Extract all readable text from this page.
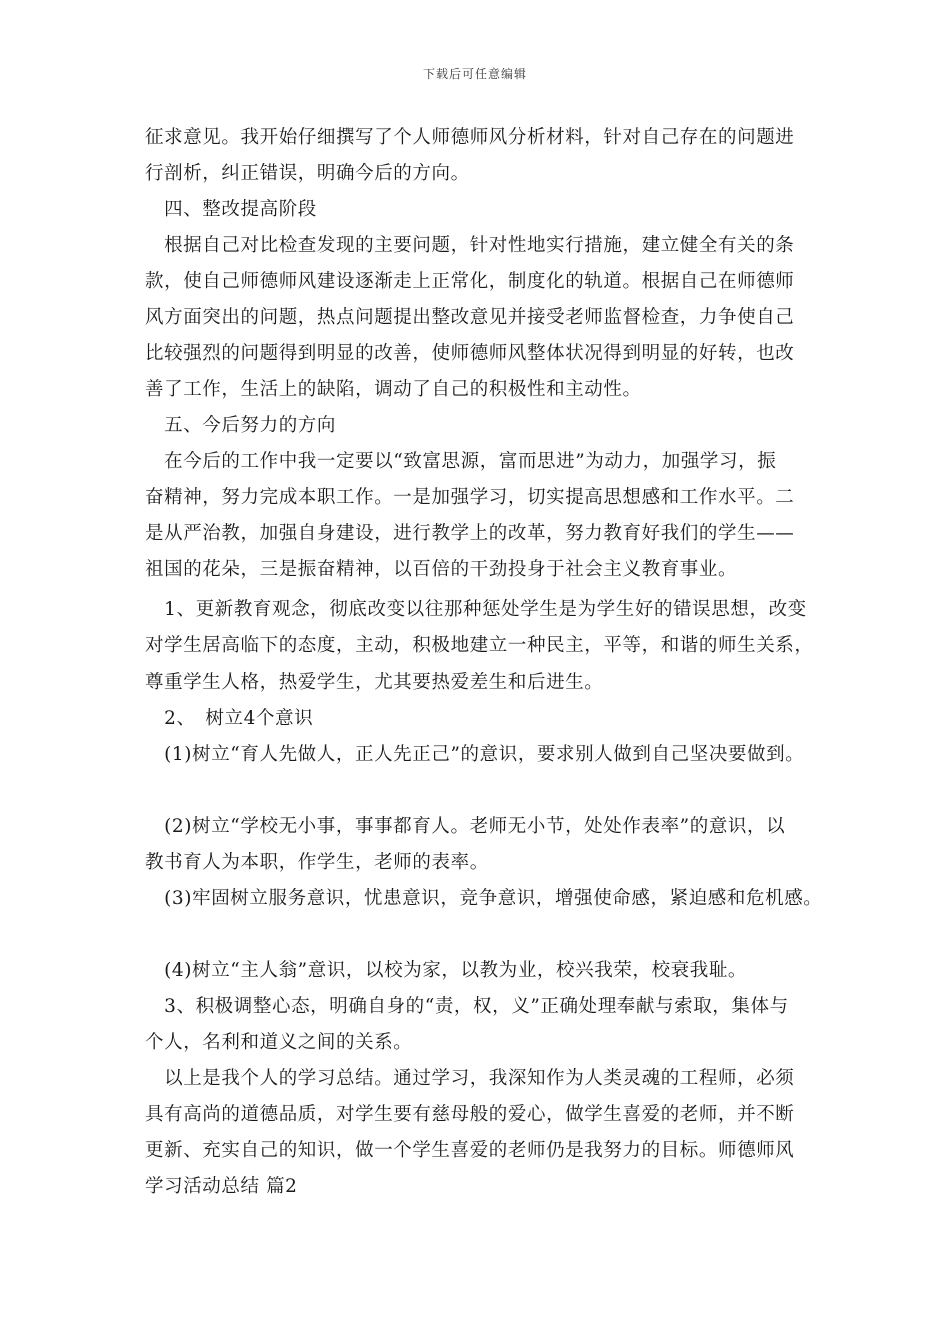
下载后可任意编辑
征求意见。我开始仔细撰写了个人师德师风分析材料，针对自己存在的问题进
行剖析，纠正错误，明确今后的方向。
　四、整改提高阶段
　根据自己对比检查发现的主要问题，针对性地实行措施，建立健全有关的条
款，使自己师德师风建设逐渐走上正常化，制度化的轨道。根据自己在师德师
风方面突出的问题，热点问题提出整改意见并接受老师监督检查，力争使自己
比较强烈的问题得到明显的改善，使师德师风整体状况得到明显的好转，也改
善了工作，生活上的缺陷，调动了自己的积极性和主动性。
　五、今后努力的方向
　在今后的工作中我一定要以“致富思源，富而思进”为动力，加强学习，振
奋精神，努力完成本职工作。一是加强学习，切实提高思想感和工作水平。二
是从严治教，加强自身建设，进行教学上的改革，努力教育好我们的学生——
祖国的花朵，三是振奋精神，以百倍的干劲投身于社会主义教育事业。
　1、更新教育观念，彻底改变以往那种惩处学生是为学生好的错误思想，改变
对学生居高临下的态度，主动，积极地建立一种民主，平等，和谐的师生关系，
尊重学生人格，热爱学生，尤其要热爱差生和后进生。
　2、　树立4个意识
　(1)树立“育人先做人，正人先正己”的意识，要求别人做到自己坚决要做到。
　(2)树立“学校无小事，事事都育人。老师无小节，处处作表率”的意识，以
教书育人为本职，作学生，老师的表率。
　(3)牢固树立服务意识，忧患意识，竞争意识，增强使命感，紧迫感和危机感。
　(4)树立“主人翁”意识，以校为家，以教为业，校兴我荣，校衰我耻。
　3、积极调整心态，明确自身的“责，权，义”正确处理奉献与索取，集体与
个人，名利和道义之间的关系。
　以上是我个人的学习总结。通过学习，我深知作为人类灵魂的工程师，必须
具有高尚的道德品质，对学生要有慈母般的爱心，做学生喜爱的老师，并不断
更新、充实自己的知识，做一个学生喜爱的老师仍是我努力的目标。师德师风
学习活动总结 篇2
